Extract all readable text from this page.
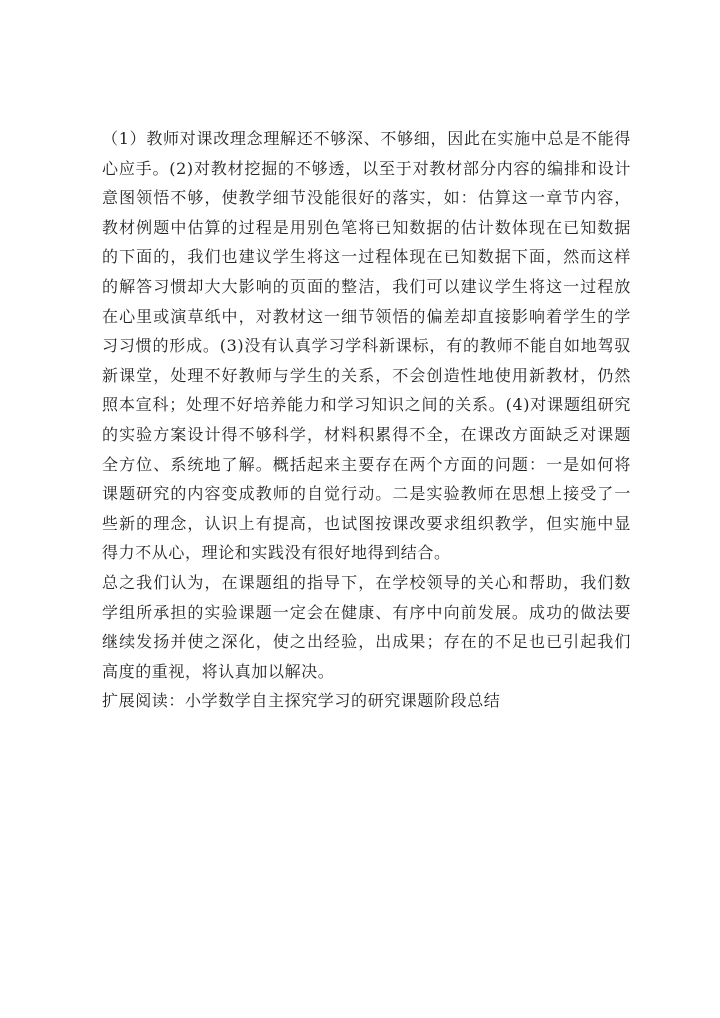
（1）教师对课改理念理解还不够深、不够细，因此在实施中总是不能得心应手。(2)对教材挖掘的不够透，以至于对教材部分内容的编排和设计意图领悟不够，使教学细节没能很好的落实，如：估算这一章节内容，教材例题中估算的过程是用别色笔将已知数据的估计数体现在已知数据的下面的，我们也建议学生将这一过程体现在已知数据下面，然而这样的解答习惯却大大影响的页面的整洁，我们可以建议学生将这一过程放在心里或演草纸中，对教材这一细节领悟的偏差却直接影响着学生的学习习惯的形成。(3)没有认真学习学科新课标，有的教师不能自如地驾驭新课堂，处理不好教师与学生的关系，不会创造性地使用新教材，仍然照本宣科；处理不好培养能力和学习知识之间的关系。(4)对课题组研究的实验方案设计得不够科学，材料积累得不全，在课改方面缺乏对课题全方位、系统地了解。概括起来主要存在两个方面的问题：一是如何将课题研究的内容变成教师的自觉行动。二是实验教师在思想上接受了一些新的理念，认识上有提高，也试图按课改要求组织教学，但实施中显得力不从心，理论和实践没有很好地得到结合。

总之我们认为，在课题组的指导下，在学校领导的关心和帮助，我们数学组所承担的实验课题一定会在健康、有序中向前发展。成功的做法要继续发扬并使之深化，使之出经验，出成果；存在的不足也已引起我们高度的重视，将认真加以解决。

扩展阅读：小学数学自主探究学习的研究课题阶段总结
